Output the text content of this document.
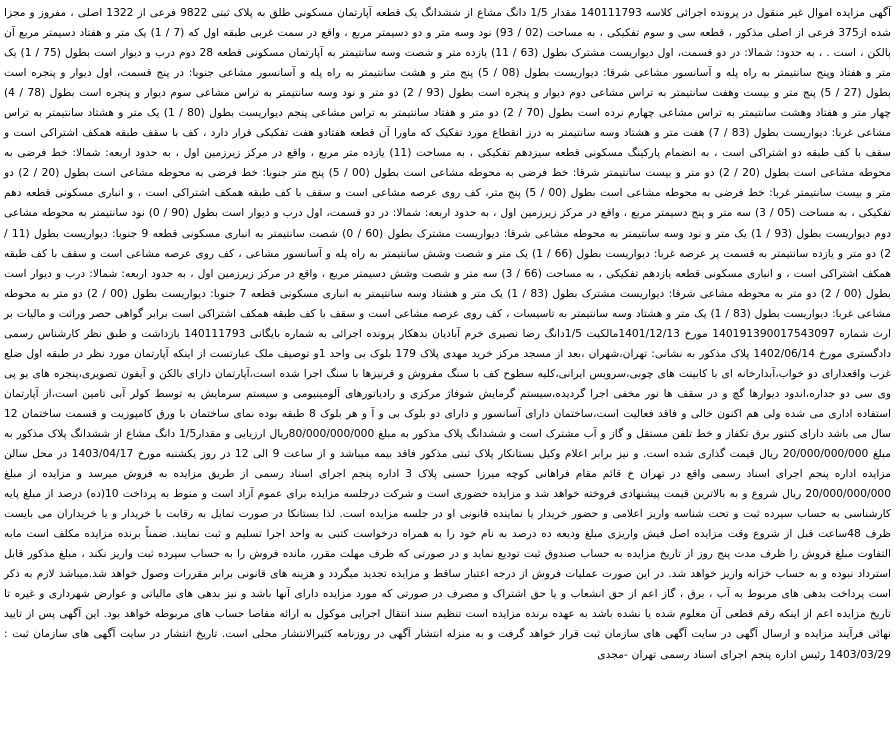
آگهی مزایده اموال غیر منقول در پرونده اجرائی کلاسه 140111793 مقدار 1/5 دانگ مشاع از ششدانگ یک قطعه آپارتمان مسکونی طلق به پلاک ثبتی 9822 فرعی از 1322 اصلی ، مفروز و مجزا شده از375 فرعی از اصلی مذکور ، قطعه سی و سوم تفکیکی ، به مساحت (02 / 93) نود وسه متر و دو دسیمتر مربع ، واقع در سمت غربی طبقه اول که (7 / 1) یک متر و هفتاد دسیمتر مربع آن بالکن ، است . ، به حدود: شمالا: در دو قسمت، اول دیواریست مشترک بطول (63 / 11) یازده متر و شصت وسه سانتیمتر به آپارتمان مسکونی قطعه 28 دوم درب و دیوار است بطول (75 / 1) یک متر و هفتاد وپنج سانتیمتر به راه پله و آسانسور مشاعی شرقا: دیواریست بطول (08 / 5) پنج متر و هشت سانتیمتر به راه پله و آسانسور مشاعی جنوبا: در پنج قسمت، اول دیوار و پنجره است بطول (27 / 5) پنج متر و بیست وهفت سانتیمتر به تراس مشاعی دوم دیوار و پنجره است بطول (93 / 2) دو متر و نود وسه سانتیمتر به تراس مشاعی سوم دیوار و پنجره است بطول (78 / 4) چهار متر و هفتاد وهشت سانتیمتر به تراس مشاعی چهارم نرده است بطول (70 / 2) دو متر و هفتاد سانتیمتر به تراس مشاعی پنجم دیواریست بطول (80 / 1) یک متر و هشتاد سانتیمتر به تراس مشاعی غربا: دیواریست بطول (83 / 7) هفت متر و هشتاد وسه سانتیمتر به درز انقطاع مورد تفکیک که ماورا آن قطعه هفتادو هفت تفکیکی قرار دارد ، کف با سقف طبقه همکف اشتراکی است و سقف با کف طبقه دو اشتراکی است ، به انضمام پارکینگ مسکونی قطعه سیزدهم تفکیکی ، به مساحت (11) یازده متر مربع ، واقع در مرکز زیرزمین اول ، به حدود اربعه: شمالا: خط فرضی به محوطه مشاعی است بطول (20 / 2) دو متر و بیست سانتیمتر شرقا: خط فرضی به محوطه مشاعی است بطول (00 / 5) پنج متر جنوبا: خط فرضی به محوطه مشاعی است بطول (20 / 2) دو متر و بیست سانتیمتر غربا: خط فرضی به محوطه مشاعی است بطول (00 / 5) پنج متر، کف روی عرصه مشاعی است و سقف با کف طبقه همکف اشتراکی است ، و انباری مسکونی قطعه دهم تفکیکی ، به مساحت (05 / 3) سه متر و پنج دسیمتر مربع ، واقع در مرکز زیرزمین اول ، به حدود اربعه: شمالا: در دو قسمت، اول درب و دیوار است بطول (90 / 0) نود سانتیمتر به محوطه مشاعی دوم دیواریست بطول (93 / 1) یک متر و نود وسه سانتیمتر به محوطه مشاعی شرقا: دیواریست مشترک بطول (60 / 0) شصت سانتیمتر به انباری مسکونی قطعه 9 جنوبا: دیواریست بطول (11 / 2) دو متر و یازده سانتیمتر به قسمت پر عرصه غربا: دیواریست بطول (66 / 1) یک متر و شصت وشش سانتیمتر به راه پله و آسانسور مشاعی ، کف روی عرصه مشاعی است و سقف با کف طبقه همکف اشتراکی است ، و انباری مسکونی قطعه یازدهم تفکیکی ، به مساحت (66 / 3) سه متر و شصت وشش دسیمتر مربع ، واقع در مرکز زیرزمین اول ، به حدود اربعه: شمالا: درب و دیوار است بطول (00 / 2) دو متر به محوطه مشاعی شرقا: دیواریست مشترک بطول (83 / 1) یک متر و هشتاد وسه سانتیمتر به انباری مسکونی قطعه 7 جنوبا: دیواریست بطول (00 / 2) دو متر به محوطه مشاعی غربا: دیواریست بطول (83 / 1) یک متر و هشتاد وسه سانتیمتر به تاسیسات ، کف روی عرصه مشاعی است و سقف با کف طبقه همکف اشتراکی است برابر گواهی حصر وراثت و مالیات بر ارث شماره 140191390017543097 مورخ 1401/12/13مالکیت 1/5دانگ رضا نصیری خرم آبادیان بدهکار پرونده اجرائی به شماره بایگانی 140111793 بازداشت و طبق نظر کارشناس رسمی دادگستری مورخ 1402/06/14 پلاک مذکور به نشانی: تهران،شهران ،بعد از مسجد مرکز خرید مهدی پلاک 179 بلوک بی واحد 1و توصیف ملک عبارتست از اینکه آپارتمان مورد نظر در طبقه اول ضلع غرب واقعدارای دو خواب،آبدارخانه ای با کابینت های چوبی،سرویس ایرانی،کلیه سطوح کف با سنگ مفروش و قرنیزها با سنگ اجرا شده است،آپارتمان دارای بالکن و آیفون تصویری،پنجره های یو پی وی سی دو جداره،اندود دیوارها گچ و در سقف ها نور مخفی اجرا گردیده،سیستم گرمایش شوفاژ مرکزی و رادیاتورهای آلومینیومی و سیستم سرمایش به توسط کولر آبی تامین است،از آپارتمان استفاده اداری می شده ولی هم اکنون خالی و فاقد فعالیت است،ساختمان دارای آسانسور و دارای دو بلوک بی و آ و هر بلوک 8 طبقه بوده نمای ساختمان با ورق کامپوزیت و قسمت ساختمان 12 سال می باشد دارای کنتور برق تکفاز و خط تلفن مستقل و گاز و آب مشترک است و ششدانگ پلاک مذکور به مبلغ 80/000/000/000ریال ارزیابی و مقدار1/5 دانگ مشاع از ششدانگ پلاک مذکور به مبلغ 20/000/000/000 ریال قیمت گذاری شده است. و نیز برابر اعلام وکیل بستانکار پلاک ثبتی مذکور فاقد بیمه میباشد و از ساعت 9 الی 12 در روز یکشنبه مورخ 1403/04/17 در محل سالن مزایده اداره پنجم اجرای اسناد رسمی واقع در تهران خ قائم مقام فراهانی کوچه میرزا حسنی پلاک 3 اداره پنجم اجرای اسناد رسمی از طریق مزایده به فروش میرسد و مزایده از مبلغ 20/000/000/000 ریال شروع و به بالاترین قیمت پیشنهادی فروخته خواهد شد و مزایده حضوری است و شرکت درجلسه مزایده برای عموم آزاد است و منوط به پرداخت 10(ده) درصد از مبلغ پایه کارشناسی به حساب سپرده ثبت و تحت شناسه واریز اعلامی و حضور خریدار یا نماینده قانونی او در جلسه مزایده است. لذا بستانکا در صورت تمایل به رقابت با خریدار و یا خریداران می بایست ظرف 48ساعت قبل از شروع وقت مزایده اصل فیش واریزی مبلغ ودیعه ده درصد به نام خود را به همراه درخواست کتبی به واحد اجرا تسلیم و ثبت نمایند. ضمناً برنده مزایده مکلف است مابه التفاوت مبلغ فروش را ظرف مدت پنج روز از تاریخ مزایده به حساب صندوق ثبت تودیع نماید و در صورتی که ظرف مهلت مقرر، مانده فروش را به حساب سپرده ثبت واریز نکند ، مبلغ مذکور قابل استرداد نبوده و به حساب خزانه واریز خواهد شد. در این صورت عملیات فروش از درجه اعتبار ساقط و مزایده تجدید میگردد و هزینه های قانونی برابر مقررات وصول خواهد شد.میباشد لازم به ذکر است پرداخت بدهی های مربوط به آب ، برق ، گاز اعم از حق انشعاب و یا حق اشتراک و مصرف در صورتی که مورد مزایده دارای آنها باشد و نیز بدهی های مالیاتی و عوارض شهرداری و غیره تا تاریخ مزایده اعم از اینکه رقم قطعی آن معلوم شده یا نشده باشد به عهده برنده مزایده است تنظیم سند انتقال اجرایی موکول به ارائه مفاصا حساب های مربوطه خواهد بود. این آگهی پس از تایید نهائی فرآیند مزایده و ارسال آگهی در سایت آگهی های سازمان ثبت قرار خواهد گرفت و به منزله انتشار آگهی در روزنامه کثیرالانتشار محلی است. تاریخ انتشار در سایت آگهی های سازمان ثبت : 1403/03/29 رئیس اداره پنجم اجرای اسناد رسمی تهران -مجدی
